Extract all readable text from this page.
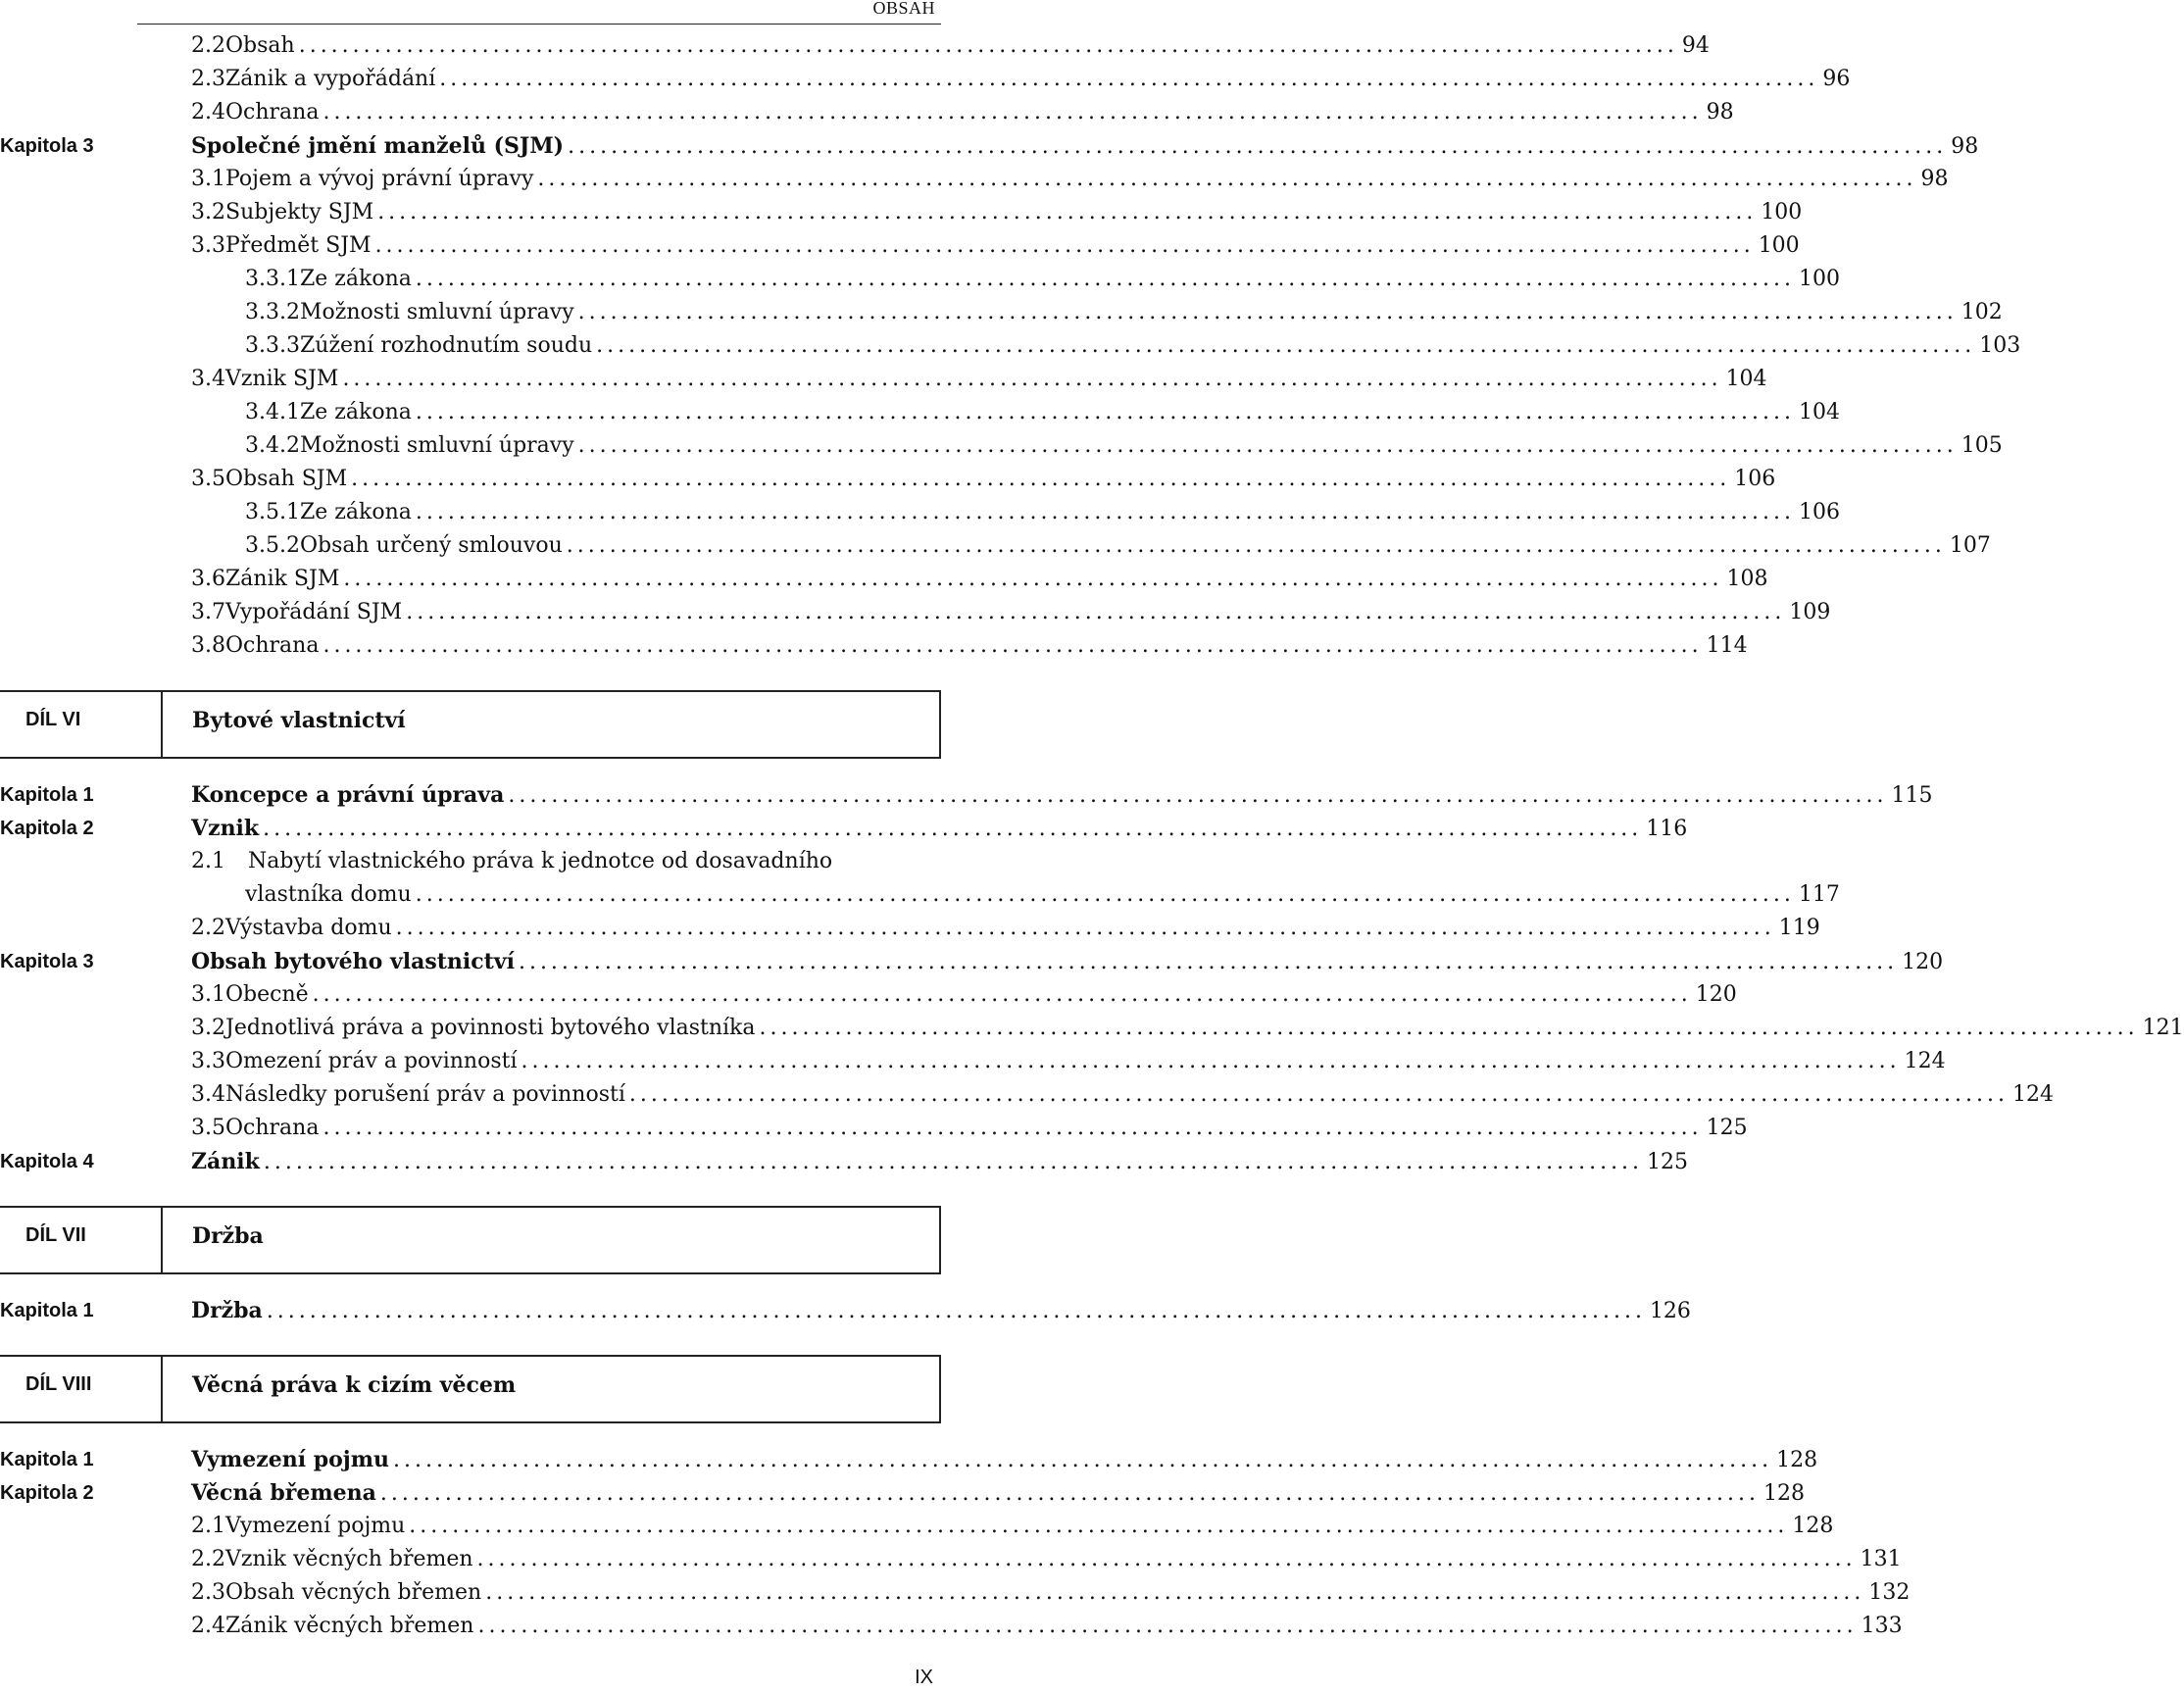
OBSAH
2.2 Obsah ................................................................................................................................ 94
2.3 Zánik a vypořádání ................................................................................................................................ 96
2.4 Ochrana ................................................................................................................................ 98
Kapitola 3	Společné jmění manželů (SJM) ................................................................................................................................ 98
3.1 Pojem a vývoj právní úpravy ................................................................................................................................ 98
3.2 Subjekty SJM ................................................................................................................................ 100
3.3 Předmět SJM ................................................................................................................................ 100
3.3.1 Ze zákona ................................................................................................................................ 100
3.3.2 Možnosti smluvní úpravy ................................................................................................................................ 102
3.3.3 Zúžení rozhodnutím soudu ................................................................................................................................ 103
3.4 Vznik SJM ................................................................................................................................ 104
3.4.1 Ze zákona ................................................................................................................................ 104
3.4.2 Možnosti smluvní úpravy ................................................................................................................................ 105
3.5 Obsah SJM ................................................................................................................................ 106
3.5.1 Ze zákona ................................................................................................................................ 106
3.5.2 Obsah určený smlouvou ................................................................................................................................ 107
3.6 Zánik SJM ................................................................................................................................ 108
3.7 Vypořádání SJM ................................................................................................................................ 109
3.8 Ochrana ................................................................................................................................ 114
DÍL VI	Bytové vlastnictví
Kapitola 1	Koncepce a právní úprava ................................................................................................................................ 115
Kapitola 2	Vznik ................................................................................................................................ 116
2.1	Nabytí vlastnického práva k jednotce od dosavadního
vlastníka domu ................................................................................................................................ 117
2.2 Výstavba domu ................................................................................................................................ 119
Kapitola 3	Obsah bytového vlastnictví ................................................................................................................................ 120
3.1 Obecně ................................................................................................................................ 120
3.2 Jednotlivá práva a povinnosti bytového vlastníka ................................................................................................................................ 121
3.3 Omezení práv a povinností ................................................................................................................................ 124
3.4 Následky porušení práv a povinností ................................................................................................................................ 124
3.5 Ochrana ................................................................................................................................ 125
Kapitola 4	Zánik ................................................................................................................................ 125
DÍL VII	Držba
Kapitola 1	Držba ................................................................................................................................ 126
DÍL VIII	Věcná práva k cizím věcem
Kapitola 1	Vymezení pojmu ................................................................................................................................ 128
Kapitola 2	Věcná břemena ................................................................................................................................ 128
2.1 Vymezení pojmu ................................................................................................................................ 128
2.2 Vznik věcných břemen ................................................................................................................................ 131
2.3 Obsah věcných břemen ................................................................................................................................ 132
2.4 Zánik věcných břemen ................................................................................................................................ 133
IX
